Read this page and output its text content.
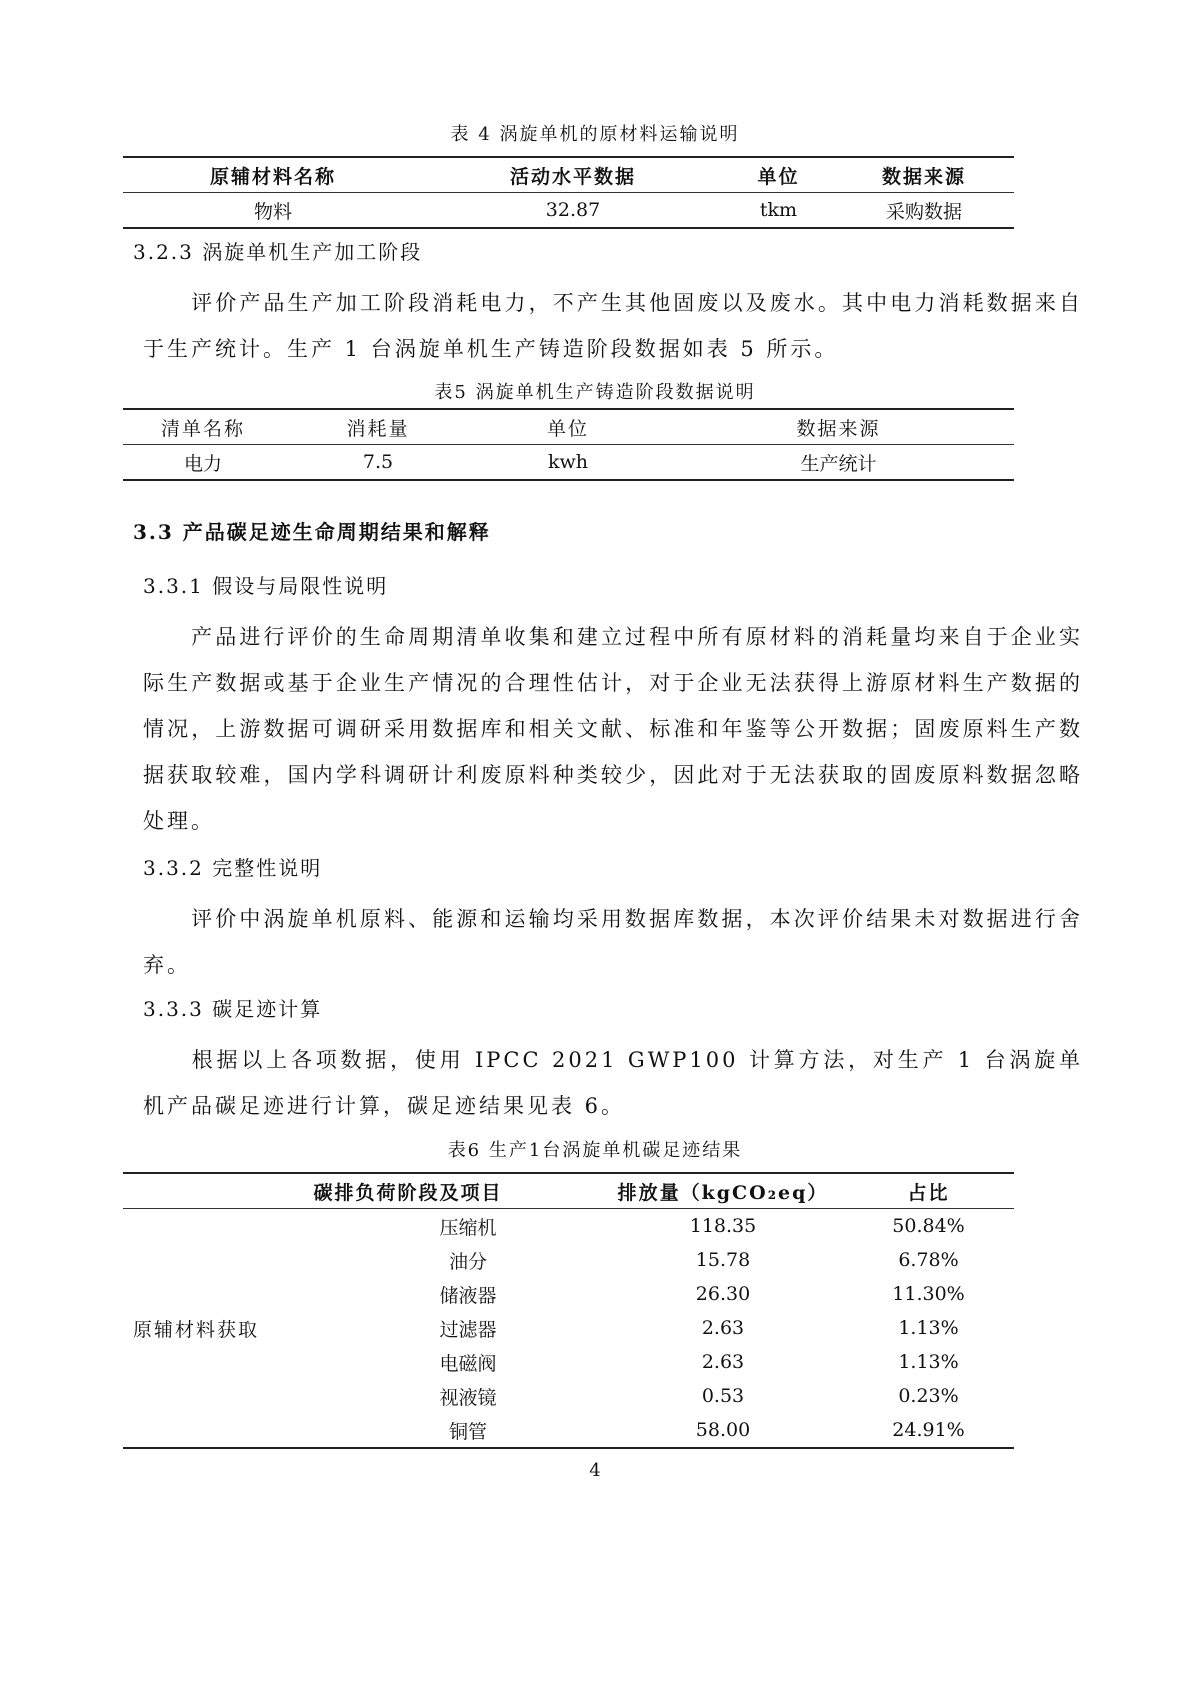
表 4 涡旋单机的原材料运输说明
原辅材料名称	活动水平数据	单位	数据来源
物料	32.87	tkm	采购数据
3.2.3 涡旋单机生产加工阶段
评价产品生产加工阶段消耗电力，不产生其他固废以及废水。其中电力消耗数据来自于生产统计。生产 1 台涡旋单机生产铸造阶段数据如表 5 所示。
表5 涡旋单机生产铸造阶段数据说明
清单名称	消耗量	单位	数据来源
电力	7.5	kwh	生产统计
3.3 产品碳足迹生命周期结果和解释
3.3.1 假设与局限性说明
产品进行评价的生命周期清单收集和建立过程中所有原材料的消耗量均来自于企业实际生产数据或基于企业生产情况的合理性估计，对于企业无法获得上游原材料生产数据的情况，上游数据可调研采用数据库和相关文献、标准和年鉴等公开数据；固废原料生产数据获取较难，国内学科调研计利废原料种类较少，因此对于无法获取的固废原料数据忽略处理。
3.3.2 完整性说明
评价中涡旋单机原料、能源和运输均采用数据库数据，本次评价结果未对数据进行舍弃。
3.3.3 碳足迹计算
根据以上各项数据，使用 IPCC 2021 GWP100 计算方法，对生产 1 台涡旋单机产品碳足迹进行计算，碳足迹结果见表 6。
表6 生产1台涡旋单机碳足迹结果
碳排负荷阶段及项目		排放量（kgCO₂eq）	占比
原辅材料获取	压缩机	118.35	50.84%
	油分	15.78	6.78%
	储液器	26.30	11.30%
	过滤器	2.63	1.13%
	电磁阀	2.63	1.13%
	视液镜	0.53	0.23%
	铜管	58.00	24.91%
4
